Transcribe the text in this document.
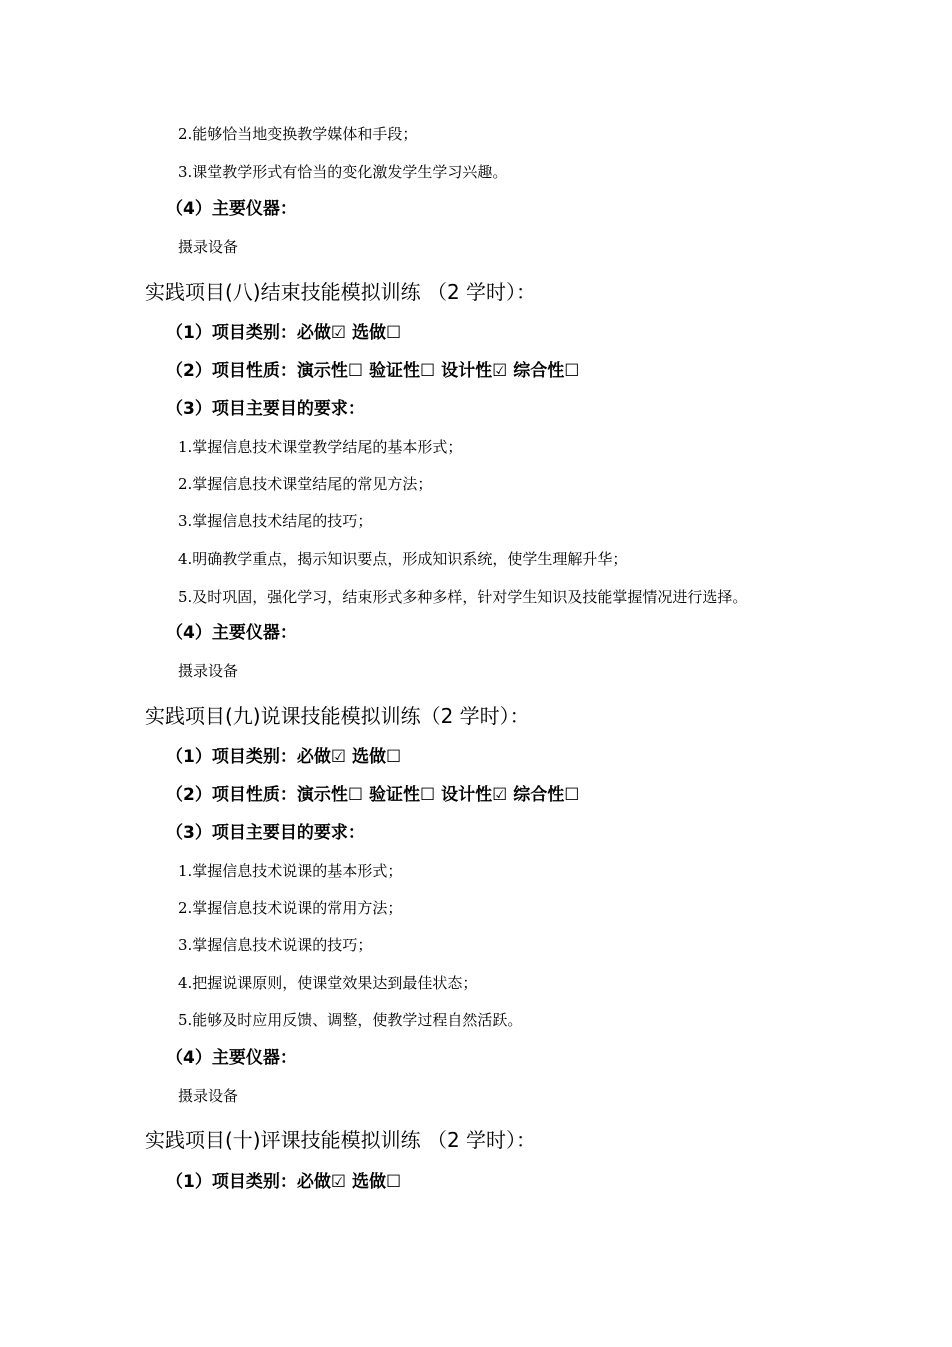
2.能够恰当地变换教学媒体和手段；
3.课堂教学形式有恰当的变化激发学生学习兴趣。
（4）主要仪器：
摄录设备
实践项目(八)结束技能模拟训练 （2 学时）：
（1）项目类别：必做☑ 选做☐
（2）项目性质：演示性☐ 验证性☐ 设计性☑ 综合性☐
（3）项目主要目的要求：
1.掌握信息技术课堂教学结尾的基本形式；
2.掌握信息技术课堂结尾的常见方法；
3.掌握信息技术结尾的技巧；
4.明确教学重点，揭示知识要点，形成知识系统，使学生理解升华；
5.及时巩固，强化学习，结束形式多种多样，针对学生知识及技能掌握情况进行选择。
（4）主要仪器：
摄录设备
实践项目(九)说课技能模拟训练（2 学时）：
（1）项目类别：必做☑ 选做☐
（2）项目性质：演示性☐ 验证性☐ 设计性☑ 综合性☐
（3）项目主要目的要求：
1.掌握信息技术说课的基本形式；
2.掌握信息技术说课的常用方法；
3.掌握信息技术说课的技巧；
4.把握说课原则，使课堂效果达到最佳状态；
5.能够及时应用反馈、调整，使教学过程自然活跃。
（4）主要仪器：
摄录设备
实践项目(十)评课技能模拟训练 （2 学时）：
（1）项目类别：必做☑ 选做☐
